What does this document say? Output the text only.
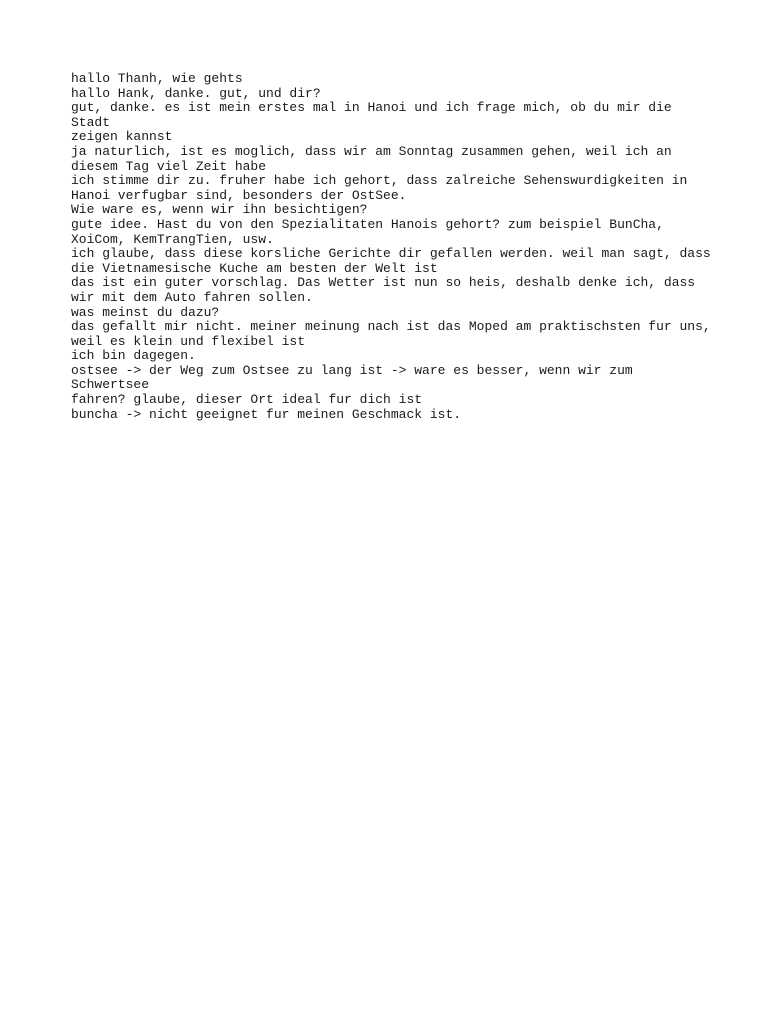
hallo Thanh, wie gehts

hallo Hank, danke. gut, und dir?

gut, danke. es ist mein erstes mal in Hanoi und ich frage mich, ob du mir die Stadt
zeigen kannst

ja naturlich, ist es moglich, dass wir am Sonntag zusammen gehen, weil ich an
diesem Tag viel Zeit habe

ich stimme dir zu. fruher habe ich gehort, dass zalreiche Sehenswurdigkeiten in
Hanoi verfugbar sind, besonders der OstSee.

Wie ware es, wenn wir ihn besichtigen?

gute idee. Hast du von den Spezialitaten Hanois gehort? zum beispiel BunCha,
XoiCom, KemTrangTien, usw.

ich glaube, dass diese korsliche Gerichte dir gefallen werden. weil man sagt, dass
die Vietnamesische Kuche am besten der Welt ist

das ist ein guter vorschlag. Das Wetter ist nun so heis, deshalb denke ich, dass
wir mit dem Auto fahren sollen.

was meinst du dazu?

das gefallt mir nicht. meiner meinung nach ist das Moped am praktischsten fur uns,
weil es klein und flexibel ist

ich bin dagegen.

ostsee -> der Weg zum Ostsee zu lang ist -> ware es besser, wenn wir zum Schwertsee
fahren? glaube, dieser Ort ideal fur dich ist

buncha -> nicht geeignet fur meinen Geschmack ist.
